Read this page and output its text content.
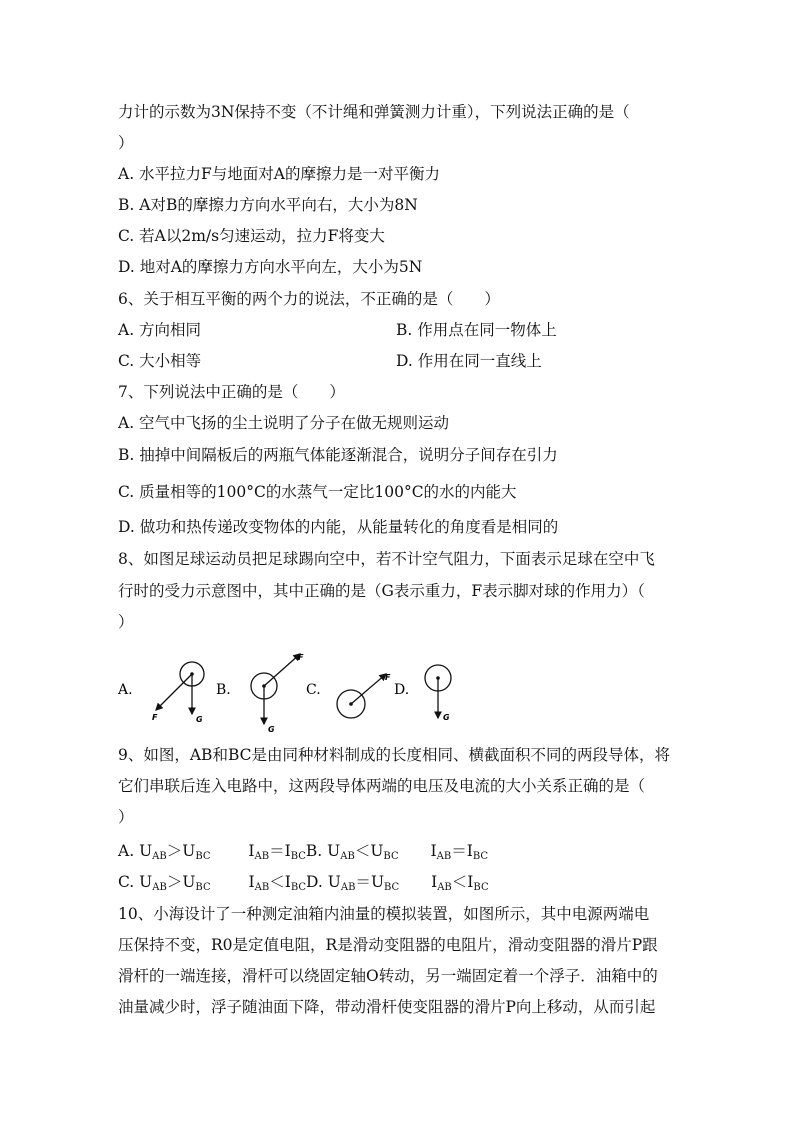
力计的示数为3N保持不变（不计绳和弹簧测力计重），下列说法正确的是（
）
A. 水平拉力F与地面对A的摩擦力是一对平衡力
B. A对B的摩擦力方向水平向右，大小为8N
C. 若A以2m/s匀速运动，拉力F将变大
D. 地对A的摩擦力方向水平向左，大小为5N
6、关于相互平衡的两个力的说法，不正确的是（　　）
A. 方向相同	B. 作用点在同一物体上
C. 大小相等	D. 作用在同一直线上
7、下列说法中正确的是（　　）
A. 空气中飞扬的尘土说明了分子在做无规则运动
B. 抽掉中间隔板后的两瓶气体能逐渐混合，说明分子间存在引力
C. 质量相等的100°C的水蒸气一定比100°C的水的内能大
D. 做功和热传递改变物体的内能，从能量转化的角度看是相同的
8、如图足球运动员把足球踢向空中，若不计空气阻力，下面表示足球在空中飞
行时的受力示意图中，其中正确的是（G表示重力，F表示脚对球的作用力）（
）
A.
F	G
B.
F
G
C.
F
D.
G
9、如图，AB和BC是由同种材料制成的长度相同、横截面积不同的两段导体，将
它们串联后连入电路中，这两段导体两端的电压及电流的大小关系正确的是（
）
A. $U_{AB}>U_{BC}$ $I_{AB}=I_{BC}B$. $U_{AB}<U_{BC}$ $I_{AB}=I_{BC}$
C. $U_{AB}>U_{BC}$ $I_{AB}<I_{BC}D$. $U_{AB}=U_{BC}$ $I_{AB}<I_{BC}$
10、小海设计了一种测定油箱内油量的模拟装置，如图所示，其中电源两端电
压保持不变，R0是定值电阻，R是滑动变阻器的电阻片，滑动变阻器的滑片P跟
滑杆的一端连接，滑杆可以绕固定轴O转动，另一端固定着一个浮子．油箱中的
油量减少时，浮子随油面下降，带动滑杆使变阻器的滑片P向上移动，从而引起
